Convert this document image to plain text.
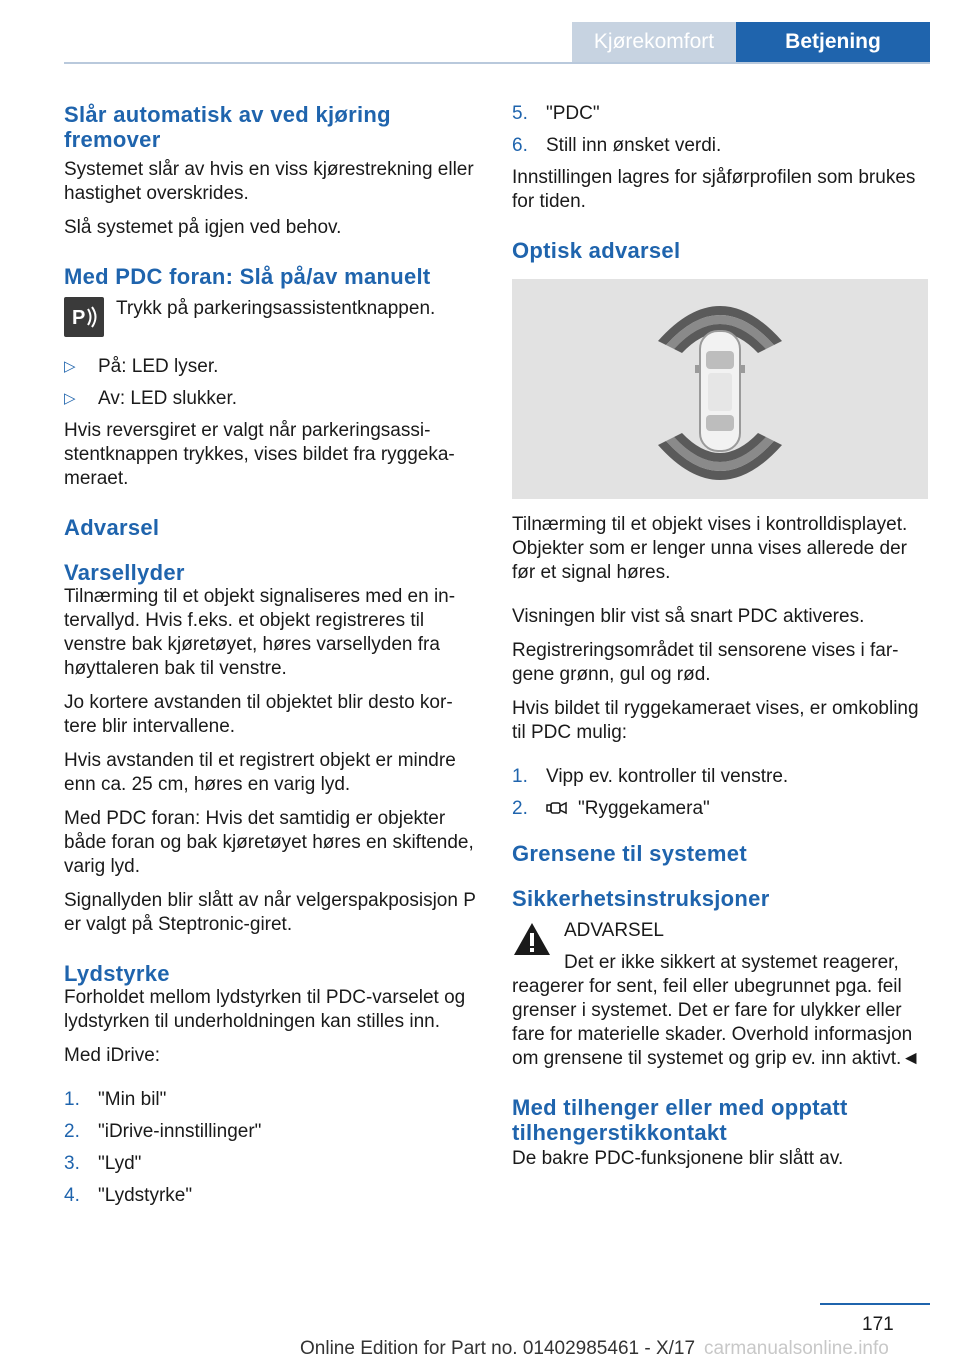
Kjørekomfort	Betjening
Slår automatisk av ved kjøring fremover

Systemet slår av hvis en viss kjørestrekning eller hastighet overskrides.

Slå systemet på igjen ved behov.

Med PDC foran: Slå på/av manuelt
P	Trykk på parkeringsassistentknappen.

▷ På: LED lyser.
▷ Av: LED slukker.

Hvis reversgiret er valgt når parkeringsassistentknappen trykkes, vises bildet fra ryggekameraet.

Advarsel
Varsellyder

Tilnærming til et objekt signaliseres med en intervallyd. Hvis f.eks. et objekt registreres til venstre bak kjøretøyet, høres varsellyden fra høyttaleren bak til venstre.

Jo kortere avstanden til objektet blir desto kortere blir intervallene.

Hvis avstanden til et registrert objekt er mindre enn ca. 25 cm, høres en varig lyd.

Med PDC foran: Hvis det samtidig er objekter både foran og bak kjøretøyet høres en skiftende, varig lyd.

Signallyden blir slått av når velgerspakposisjon P er valgt på Steptronic-giret.

Lydstyrke

Forholdet mellom lydstyrken til PDC-varselet og lydstyrken til underholdningen kan stilles inn.

Med iDrive:

1. "Min bil"
2. "iDrive-innstillinger"
3. "Lyd"
4. "Lydstyrke"
5. "PDC"
6. Still inn ønsket verdi.

Innstillingen lagres for sjåførprofilen som brukes for tiden.

Optisk advarsel

Tilnærming til et objekt vises i kontrolldisplayet. Objekter som er lenger unna vises allerede der før et signal høres.

Visningen blir vist så snart PDC aktiveres.

Registreringsområdet til sensorene vises i fargene grønn, gul og rød.

Hvis bildet til ryggekameraet vises, er omkobling til PDC mulig:

1. Vipp ev. kontroller til venstre.
2.	"Ryggekamera"
Grensene til systemet
Sikkerhetsinstruksjoner

ADVARSEL

Det er ikke sikkert at systemet reagerer, reagerer for sent, feil eller ubegrunnet pga. feil grenser i systemet. Det er fare for ulykker eller fare for materielle skader. Overhold informasjon om grensene til systemet og grip ev. inn aktivt.◄

Med tilhenger eller med opptatt tilhengerstikkontakt

De bakre PDC-funksjonene blir slått av.

171
Online Edition for Part no. 01402985461 - X/17 carmanualsonline.info
